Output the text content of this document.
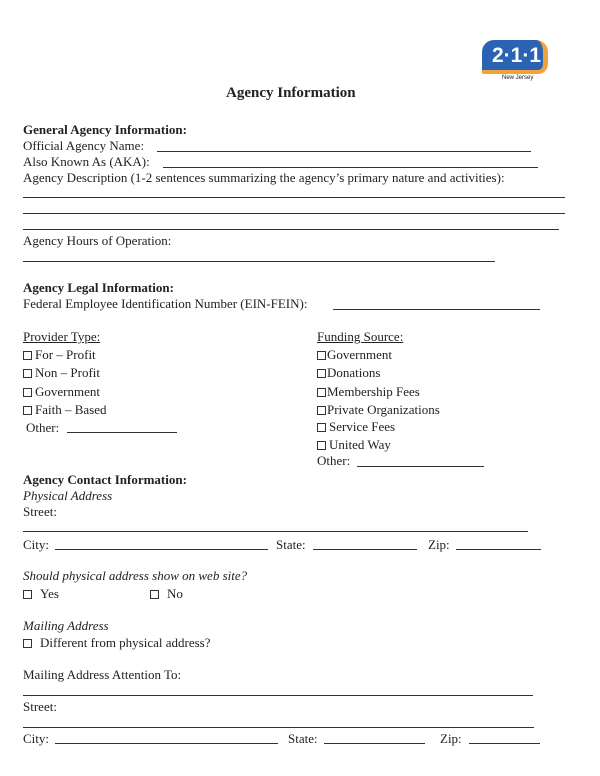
2·1·1
New Jersey
Agency Information
General Agency Information:
Official Agency Name:
Also Known As (AKA):
Agency Description (1-2 sentences summarizing the agency’s primary nature and activities):
Agency Hours of Operation:
Agency Legal Information:
Federal Employee Identification Number (EIN-FEIN):
Provider Type:
For – Profit
Non – Profit
Government
Faith – Based
Other:
Funding Source:
Government
Donations
Membership Fees
Private Organizations
Service Fees
United Way
Other:
Agency Contact Information:
Physical Address
Street:
City:	State:	Zip:
Should physical address show on web site?
Yes	No
Mailing Address
Different from physical address?
Mailing Address Attention To:
Street:
City:	State:	Zip:
